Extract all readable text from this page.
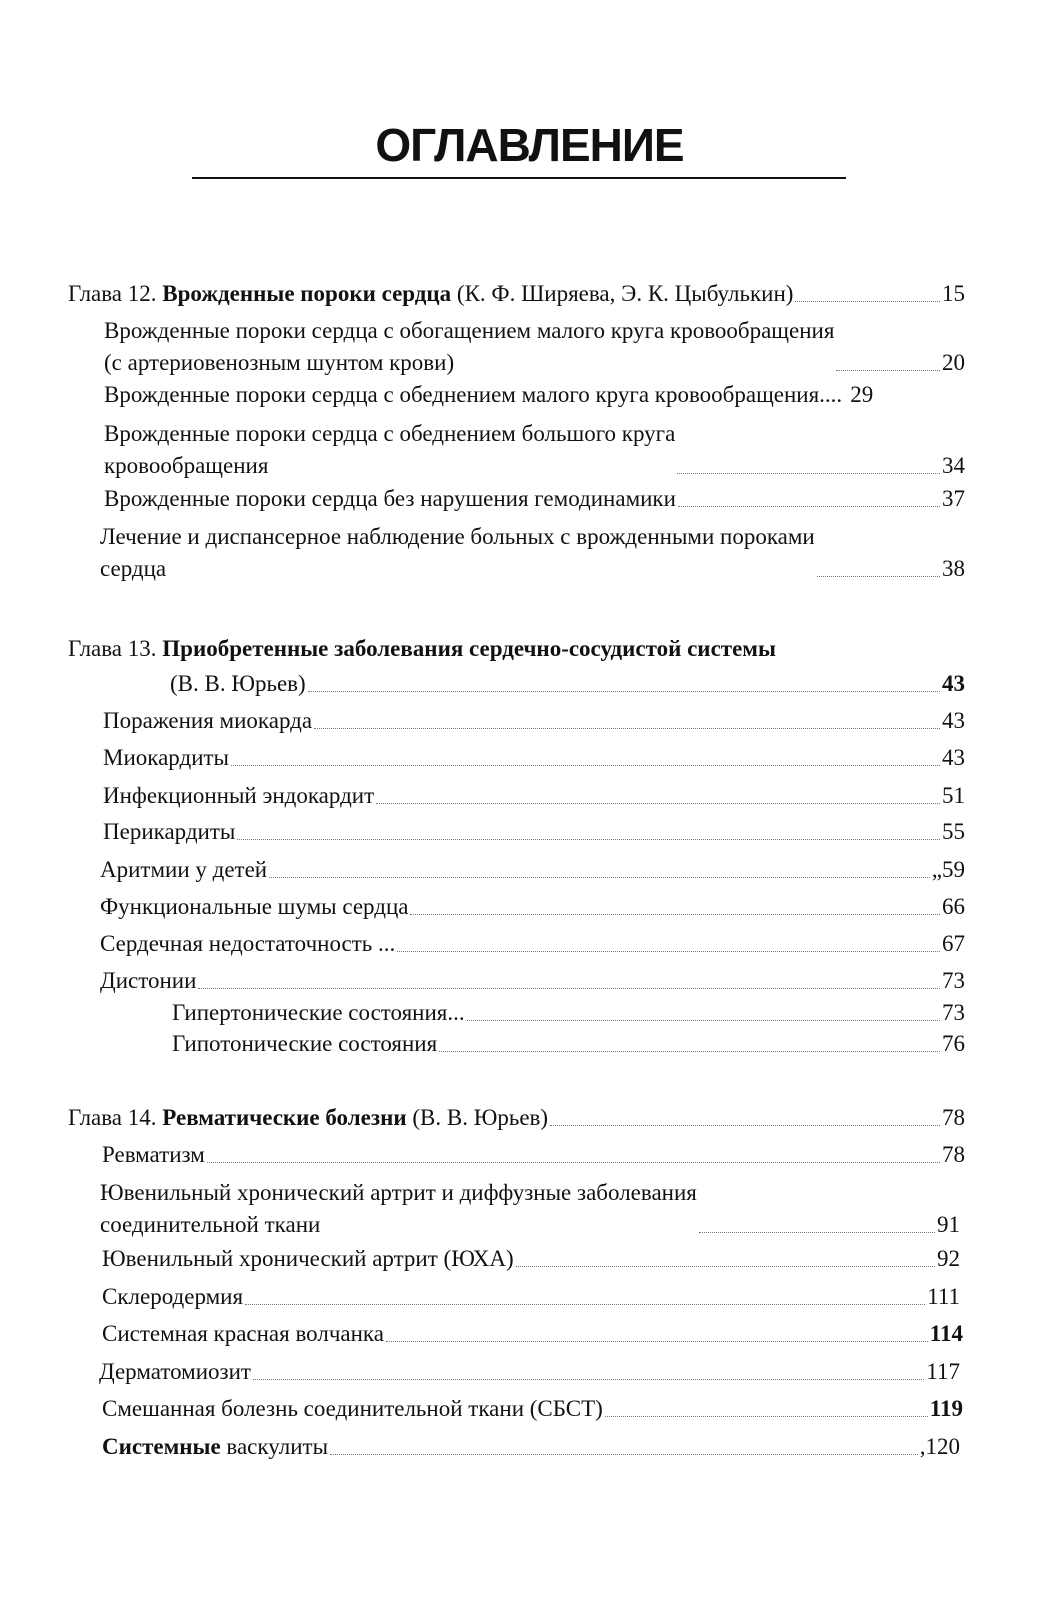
ОГЛАВЛЕНИЕ
Глава 12. Врожденные пороки сердца (К. Ф. Ширяева, Э. К. Цыбулькин)	15
Врожденные пороки сердца с обогащением малого круга кровообращения
(с артериовенозным шунтом крови)	20
Врожденные пороки сердца с обеднением малого круга кровообращения.... 29
Врожденные пороки сердца с обеднением большого круга
кровообращения	34
Врожденные пороки сердца без нарушения гемодинамики	37
Лечение и диспансерное наблюдение больных с врожденными пороками
сердца	38
Глава 13. Приобретенные заболевания сердечно-сосудистой системы
(В. В. Юрьев)	43
Поражения миокарда	43
Миокардиты	43
Инфекционный эндокардит	51
Перикардиты	55
Аритмии у детей	„59
Функциональные шумы сердца	66
Сердечная недостаточность ...	67
Дистонии	73
Гипертонические состояния...	73
Гипотонические состояния	76
Глава 14. Ревматические болезни (В. В. Юрьев)	78
Ревматизм	78
Ювенильный хронический артрит и диффузные заболевания
соединительной ткани	91
Ювенильный хронический артрит (ЮХА)	92
Склеродермия	111
Системная красная волчанка	114
Дерматомиозит	117
Смешанная болезнь соединительной ткани (СБСТ)	119
Системные васкулиты	,120
